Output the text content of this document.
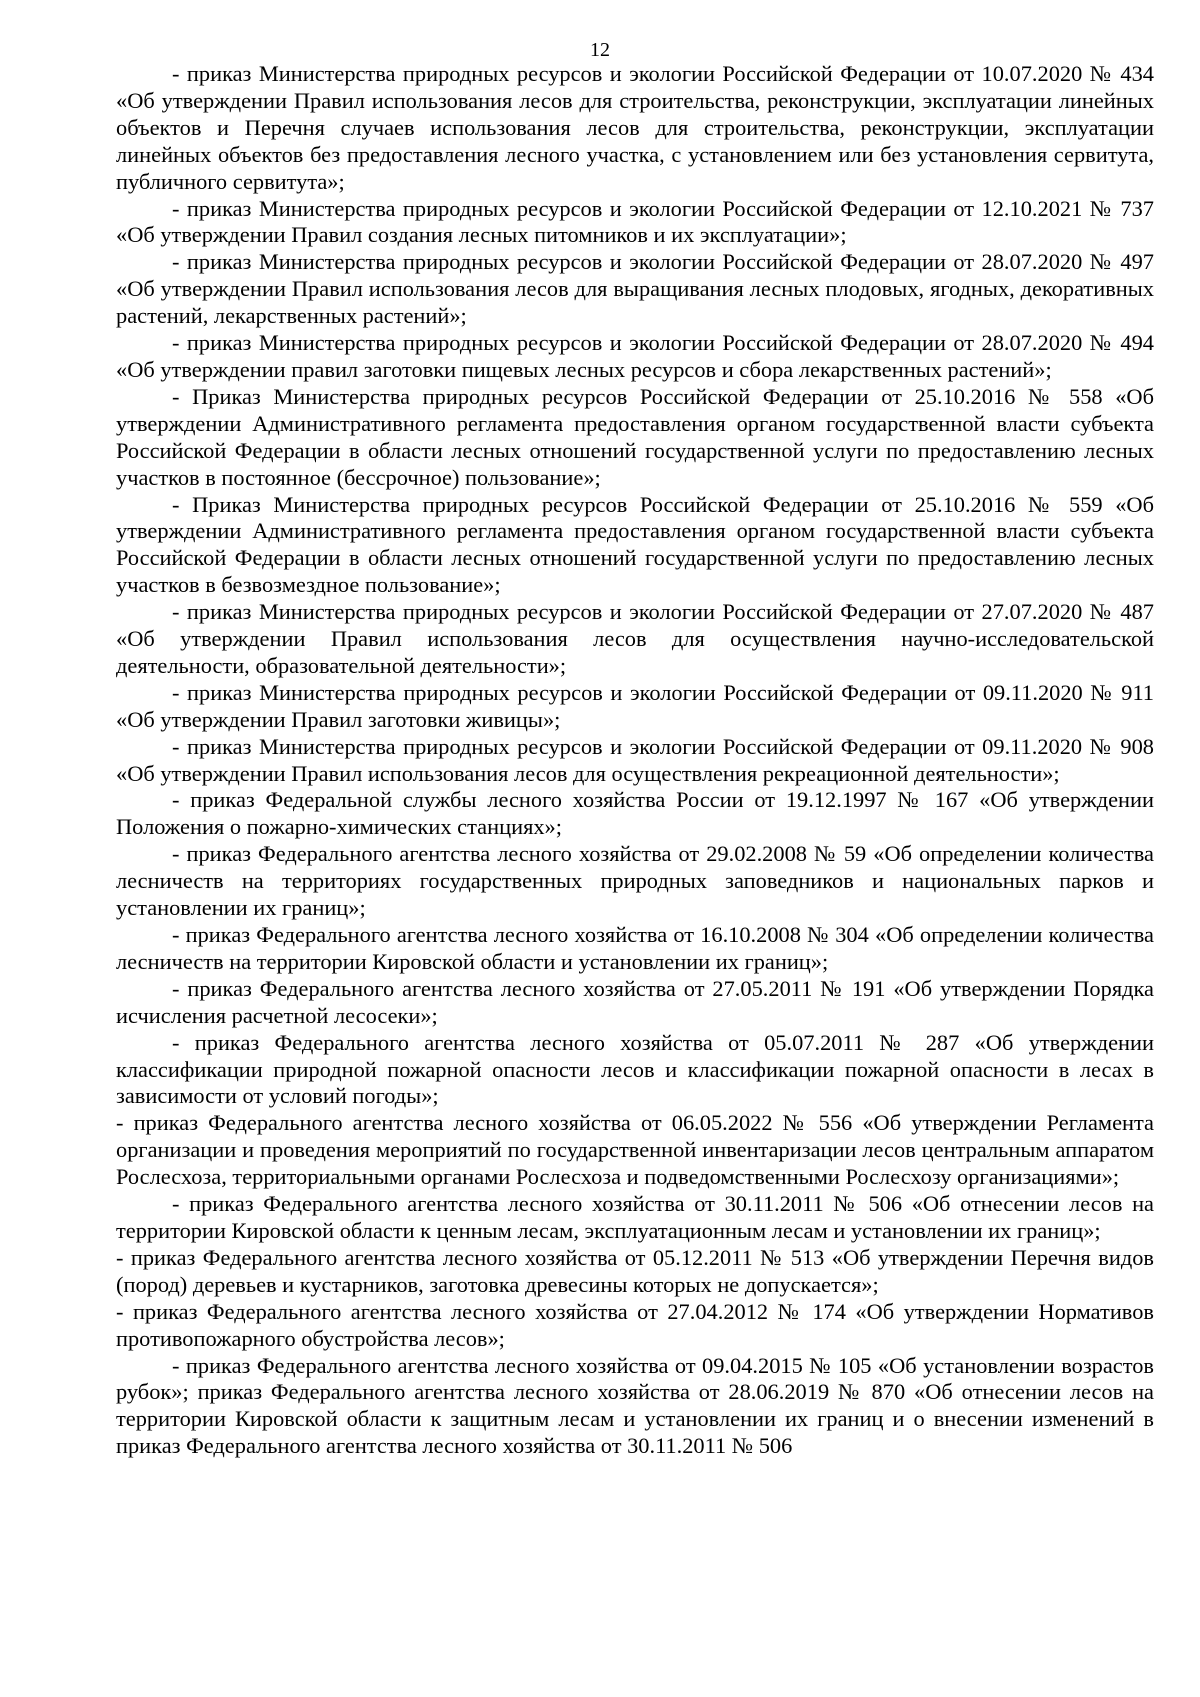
12

- приказ Министерства природных ресурсов и экологии Российской Федерации от 10.07.2020 № 434 «Об утверждении Правил использования лесов для строительства, реконструкции, эксплуатации линейных объектов и Перечня случаев использования лесов для строительства, реконструкции, эксплуатации линейных объектов без предоставления лесного участка, с установлением или без установления сервитута, публичного сервитута»;

- приказ Министерства природных ресурсов и экологии Российской Федерации от 12.10.2021 № 737 «Об утверждении Правил создания лесных питомников и их эксплуатации»;

- приказ Министерства природных ресурсов и экологии Российской Федерации от 28.07.2020 № 497 «Об утверждении Правил использования лесов для выращивания лесных плодовых, ягодных, декоративных растений, лекарственных растений»;

- приказ Министерства природных ресурсов и экологии Российской Федерации от 28.07.2020 № 494 «Об утверждении правил заготовки пищевых лесных ресурсов и сбора лекарственных растений»;

- Приказ Министерства природных ресурсов Российской Федерации от 25.10.2016 № 558 «Об утверждении Административного регламента предоставления органом государственной власти субъекта Российской Федерации в области лесных отношений государственной услуги по предоставлению лесных участков в постоянное (бессрочное) пользование»;

- Приказ Министерства природных ресурсов Российской Федерации от 25.10.2016 № 559 «Об утверждении Административного регламента предоставления органом государственной власти субъекта Российской Федерации в области лесных отношений государственной услуги по предоставлению лесных участков в безвозмездное пользование»;

- приказ Министерства природных ресурсов и экологии Российской Федерации от 27.07.2020 № 487 «Об утверждении Правил использования лесов для осуществления научно-исследовательской деятельности, образовательной деятельности»;

- приказ Министерства природных ресурсов и экологии Российской Федерации от 09.11.2020 № 911 «Об утверждении Правил заготовки живицы»;

- приказ Министерства природных ресурсов и экологии Российской Федерации от 09.11.2020 № 908 «Об утверждении Правил использования лесов для осуществления рекреационной деятельности»;

- приказ Федеральной службы лесного хозяйства России от 19.12.1997 № 167 «Об утверждении Положения о пожарно-химических станциях»;

- приказ Федерального агентства лесного хозяйства от 29.02.2008 № 59 «Об определении количества лесничеств на территориях государственных природных заповедников и национальных парков и установлении их границ»;

- приказ Федерального агентства лесного хозяйства от 16.10.2008 № 304 «Об определении количества лесничеств на территории Кировской области и установлении их границ»;

- приказ Федерального агентства лесного хозяйства от 27.05.2011 № 191 «Об утверждении Порядка исчисления расчетной лесосеки»;

- приказ Федерального агентства лесного хозяйства от 05.07.2011 № 287 «Об утверждении классификации природной пожарной опасности лесов и классификации пожарной опасности в лесах в зависимости от условий погоды»;

- приказ Федерального агентства лесного хозяйства от 06.05.2022 № 556 «Об утверждении Регламента организации и проведения мероприятий по государственной инвентаризации лесов центральным аппаратом Рослесхоза, территориальными органами Рослесхоза и подведомственными Рослесхозу организациями»;

- приказ Федерального агентства лесного хозяйства от 30.11.2011 № 506 «Об отнесении лесов на территории Кировской области к ценным лесам, эксплуатационным лесам и установлении их границ»;

- приказ Федерального агентства лесного хозяйства от 05.12.2011 № 513 «Об утверждении Перечня видов (пород) деревьев и кустарников, заготовка древесины которых не допускается»;

- приказ Федерального агентства лесного хозяйства от 27.04.2012 № 174 «Об утверждении Нормативов противопожарного обустройства лесов»;

- приказ Федерального агентства лесного хозяйства от 09.04.2015 № 105 «Об установлении возрастов рубок»; приказ Федерального агентства лесного хозяйства от 28.06.2019 № 870 «Об отнесении лесов на территории Кировской области к защитным лесам и установлении их границ и о внесении изменений в приказ Федерального агентства лесного хозяйства от 30.11.2011 № 506
